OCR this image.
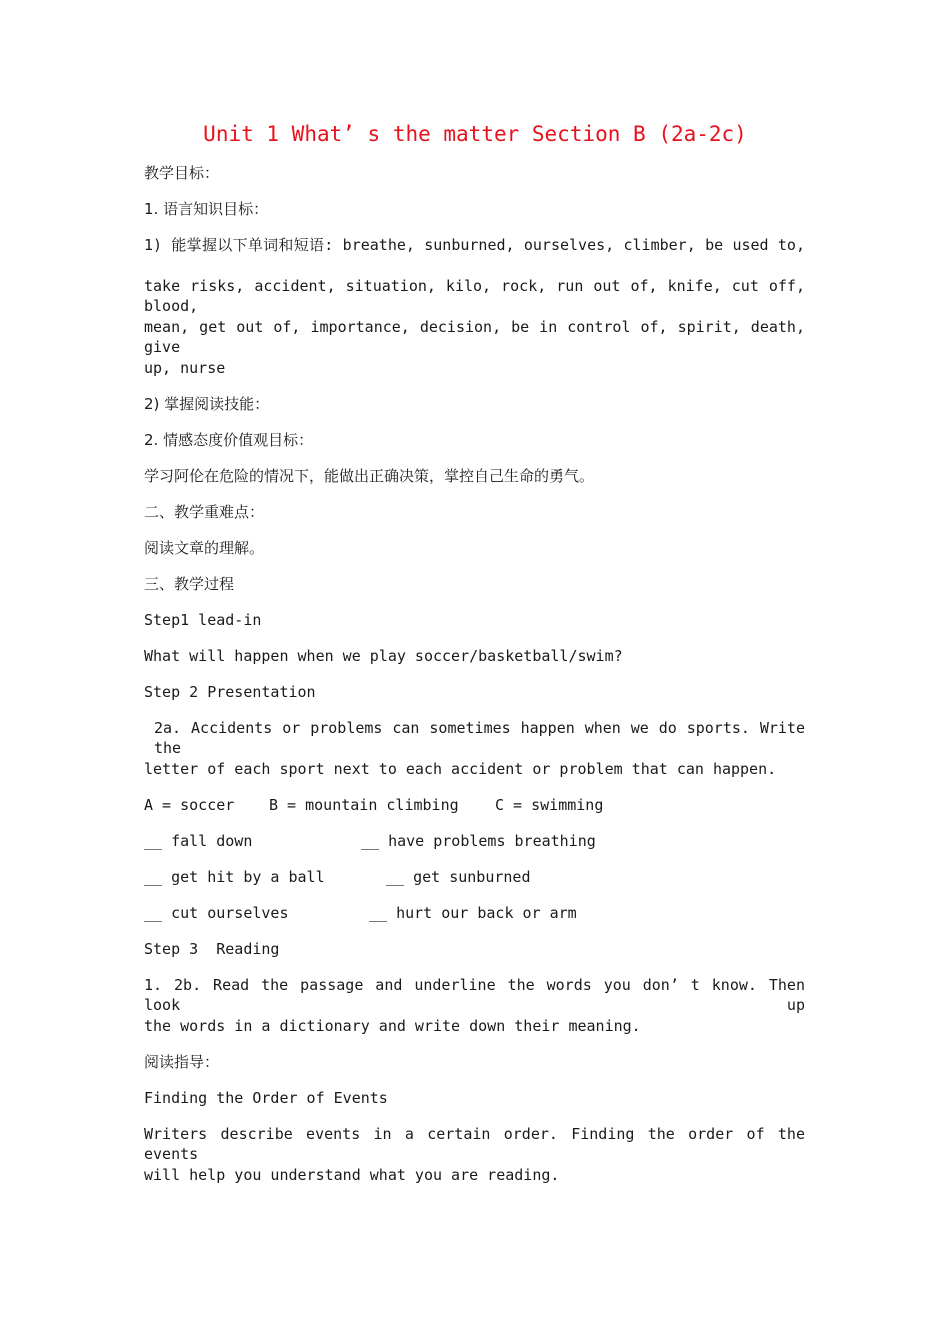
Unit 1 What’ s the matter Section B (2a-2c)
教学目标：
1. 语言知识目标：
1) 能掌握以下单词和短语: breathe, sunburned, ourselves, climber, be used to,
take risks, accident, situation, kilo, rock, run out of, knife, cut off, blood,
mean, get out of, importance, decision, be in control of, spirit, death, give
up, nurse
2) 掌握阅读技能：
2. 情感态度价值观目标：
学习阿伦在危险的情况下，能做出正确决策，掌控自己生命的勇气。
二、教学重难点：
阅读文章的理解。
三、教学过程
Step1 lead-in
What will happen when we play soccer/basketball/swim?
Step 2 Presentation
2a. Accidents or problems can sometimes happen when we do sports. Write the
letter of each sport next to each accident or problem that can happen.
A = soccer B = mountain climbing C = swimming
__ fall down	__ have problems breathing
__ get hit by a ball	__ get sunburned
__ cut ourselves	__ hurt our back or arm
Step 3  Reading
1. 2b. Read the passage and underline the words you don’ t know. Then look up
the words in a dictionary and write down their meaning.
阅读指导：
Finding the Order of Events
Writers describe events in a certain order. Finding the order of the events
will help you understand what you are reading.
